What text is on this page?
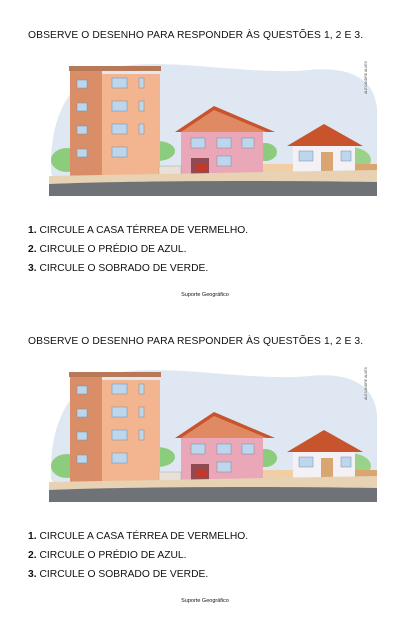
OBSERVE O DESENHO PARA RESPONDER ÀS QUESTÕES 1, 2 E 3.
ALEXANDRE ALVES
1. CIRCULE A CASA TÉRREA DE VERMELHO.
2. CIRCULE O PRÉDIO DE AZUL.
3. CIRCULE O SOBRADO DE VERDE.
Suporte Geográfico
OBSERVE O DESENHO PARA RESPONDER ÀS QUESTÕES 1, 2 E 3.
ALEXANDRE ALVES
1. CIRCULE A CASA TÉRREA DE VERMELHO.
2. CIRCULE O PRÉDIO DE AZUL.
3. CIRCULE O SOBRADO DE VERDE.
Suporte Geográfico
